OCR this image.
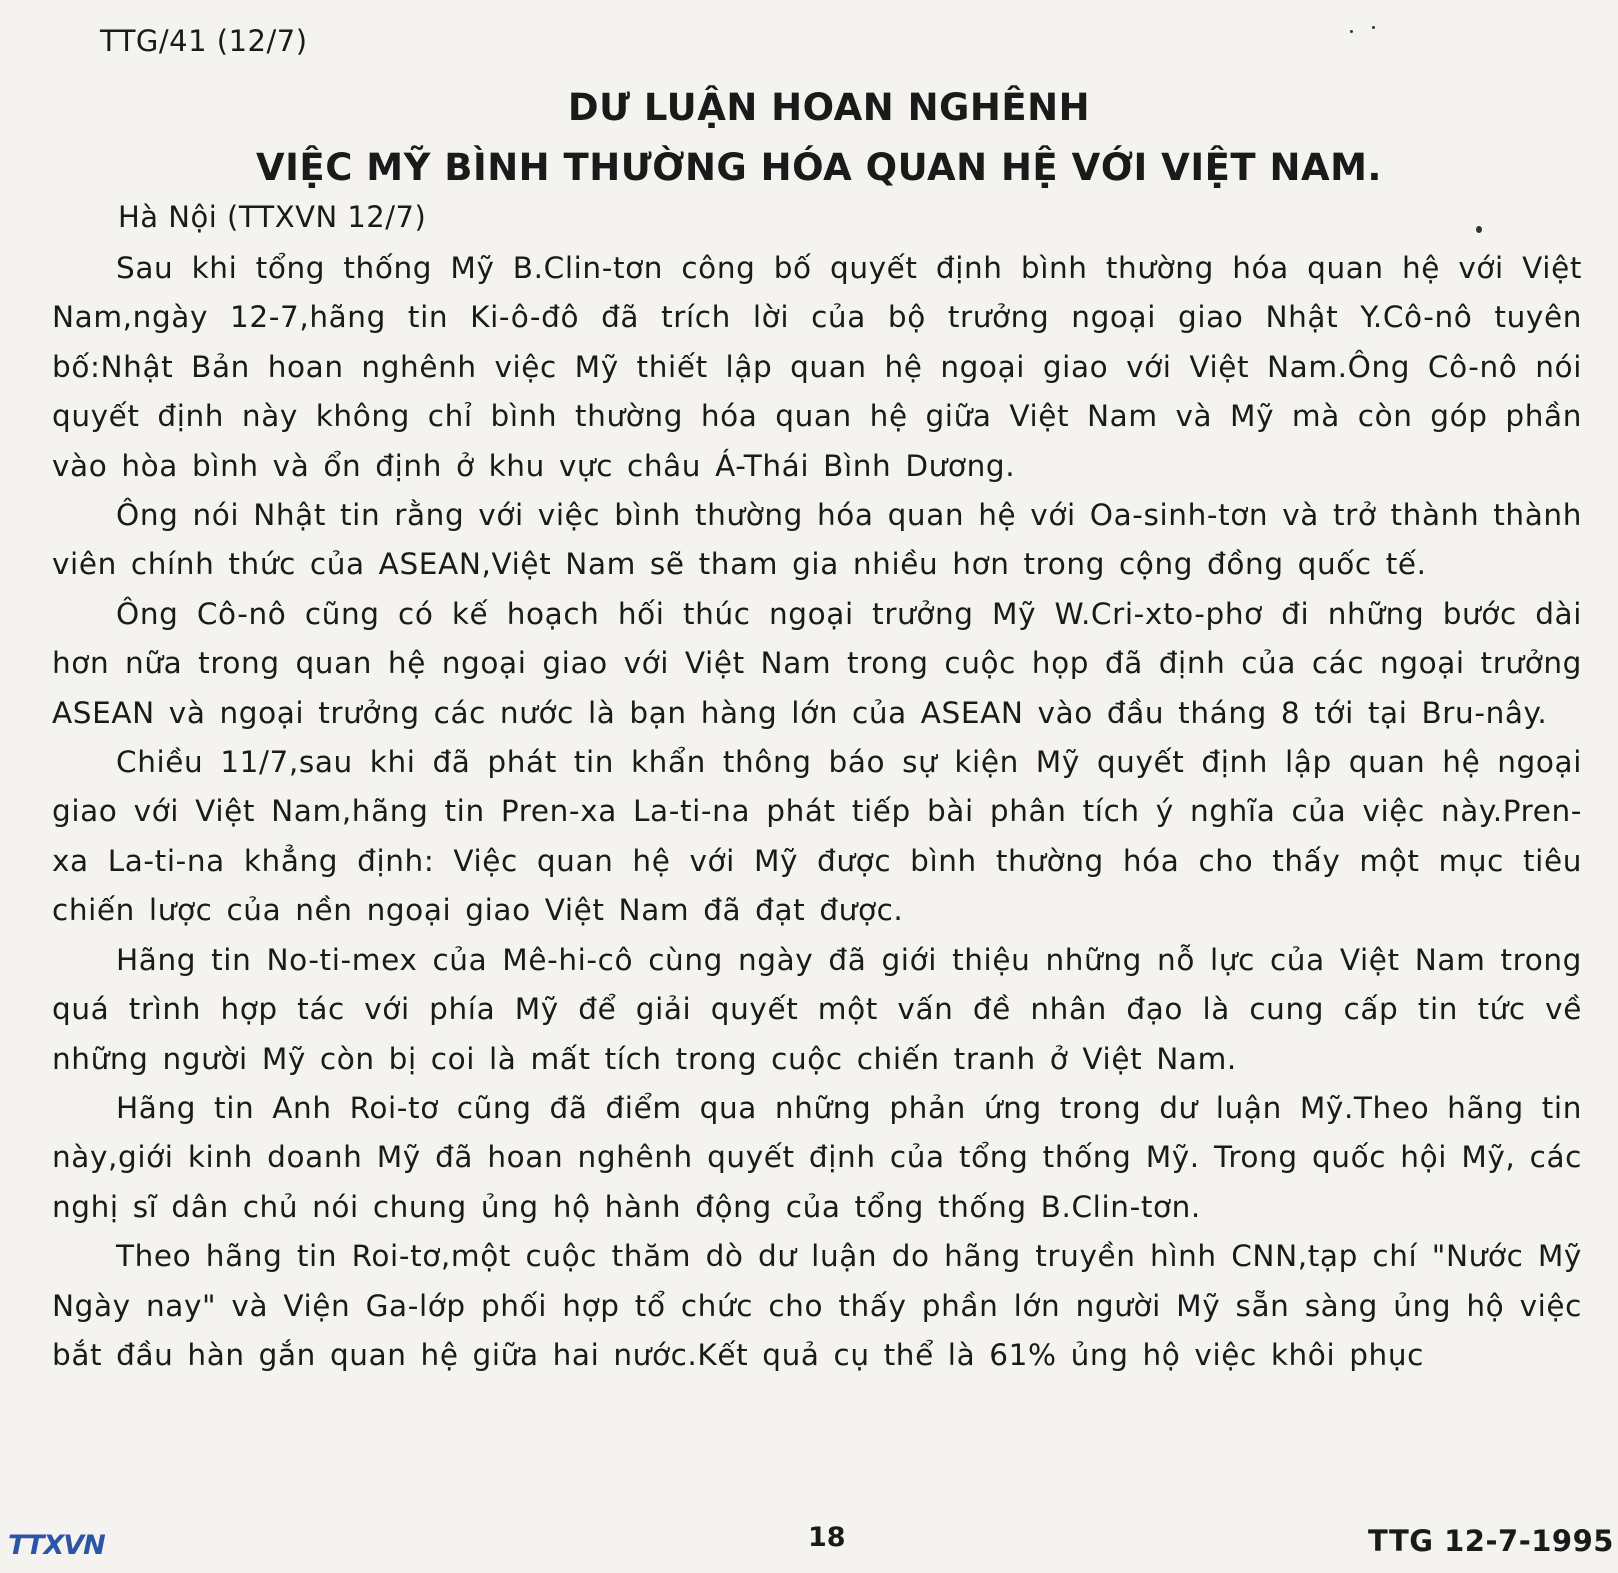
TTG/41 (12/7)
DƯ LUẬN HOAN NGHÊNH
VIỆC MỸ BÌNH THƯỜNG HÓA QUAN HỆ VỚI VIỆT NAM.
Hà Nội (TTXVN 12/7)

Sau khi tổng thống Mỹ B.Clin-tơn công bố quyết định bình thường hóa quan hệ với Việt Nam,ngày 12-7,hãng tin Ki-ô-đô đã trích lời của bộ trưởng ngoại giao Nhật Y.Cô-nô tuyên bố:Nhật Bản hoan nghênh việc Mỹ thiết lập quan hệ ngoại giao với Việt Nam.Ông Cô-nô nói quyết định này không chỉ bình thường hóa quan hệ giữa Việt Nam và Mỹ mà còn góp phần vào hòa bình và ổn định ở khu vực châu Á-Thái Bình Dương.

Ông nói Nhật tin rằng với việc bình thường hóa quan hệ với Oa-sinh-tơn và trở thành thành viên chính thức của ASEAN,Việt Nam sẽ tham gia nhiều hơn trong cộng đồng quốc tế.

Ông Cô-nô cũng có kế hoạch hối thúc ngoại trưởng Mỹ W.Cri-xto-phơ đi những bước dài hơn nữa trong quan hệ ngoại giao với Việt Nam trong cuộc họp đã định của các ngoại trưởng ASEAN và ngoại trưởng các nước là bạn hàng lớn của ASEAN vào đầu tháng 8 tới tại Bru-nây.

Chiều 11/7,sau khi đã phát tin khẩn thông báo sự kiện Mỹ quyết định lập quan hệ ngoại giao với Việt Nam,hãng tin Pren-xa La-ti-na phát tiếp bài phân tích ý nghĩa của việc này.Pren-xa La-ti-na khẳng định: Việc quan hệ với Mỹ được bình thường hóa cho thấy một mục tiêu chiến lược của nền ngoại giao Việt Nam đã đạt được.

Hãng tin No-ti-mex của Mê-hi-cô cùng ngày đã giới thiệu những nỗ lực của Việt Nam trong quá trình hợp tác với phía Mỹ để giải quyết một vấn đề nhân đạo là cung cấp tin tức về những người Mỹ còn bị coi là mất tích trong cuộc chiến tranh ở Việt Nam.

Hãng tin Anh Roi-tơ cũng đã điểm qua những phản ứng trong dư luận Mỹ.Theo hãng tin này,giới kinh doanh Mỹ đã hoan nghênh quyết định của tổng thống Mỹ. Trong quốc hội Mỹ, các nghị sĩ dân chủ nói chung ủng hộ hành động của tổng thống B.Clin-tơn.

Theo hãng tin Roi-tơ,một cuộc thăm dò dư luận do hãng truyền hình CNN,tạp chí "Nước Mỹ Ngày nay" và Viện Ga-lớp phối hợp tổ chức cho thấy phần lớn người Mỹ sẵn sàng ủng hộ việc bắt đầu hàn gắn quan hệ giữa hai nước.Kết quả cụ thể là 61% ủng hộ việc khôi phục

TTXVN	18	TTG 12-7-1995
